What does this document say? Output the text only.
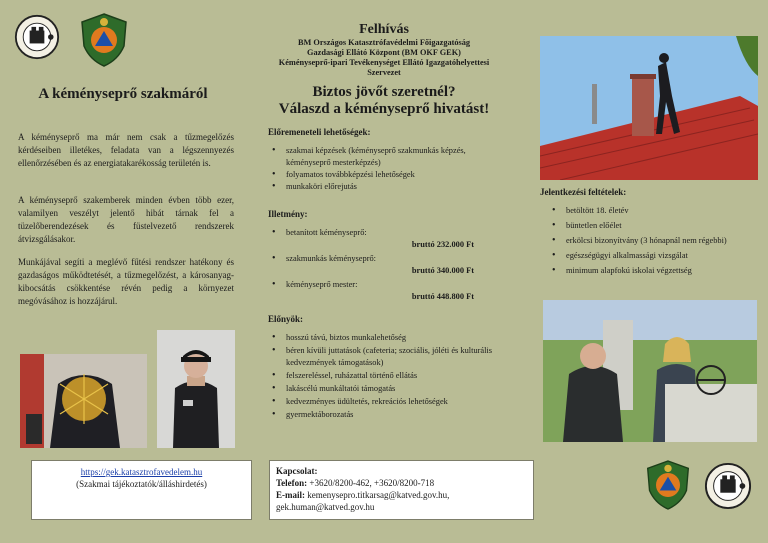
A kéményseprő szakmáról

A kéményseprő ma már nem csak a tűzmegelőzés kérdéseiben illetékes, feladata van a légszennyezés ellenőrzésében és az energiatakarékosság területén is.

A kéményseprő szakemberek minden évben több ezer, valamilyen veszélyt jelentő hibát tárnak fel a tüzelőberendezések és füstelvezető rendszerek átvizsgálásakor.

Munkájával segíti a meglévő fűtési rendszer hatékony és gazdaságos működtetését, a tűzmegelőzést, a károsanyag-kibocsátás csökkentése révén pedig a környezet megóvásához is hozzájárul.

Felhívás
BM Országos Katasztrófavédelmi Főigazgatóság
Gazdasági Ellátó Központ (BM OKF GEK)
Kéményseprő-ipari Tevékenységet Ellátó Igazgatóhelyettesi
Szervezet
Biztos jövőt szeretnél?
Válaszd a kéményseprő hivatást!
Előremeneteli lehetőségek:
• szakmai képzések (kéményseprő szakmunkás képzés, kéményseprő mesterképzés)
• folyamatos továbbképzési lehetőségek
• munkaköri előrejutás
Illetmény:
• betanított kéményseprő:
bruttó 232.000 Ft
• szakmunkás kéményseprő:
bruttó 340.000 Ft
• kéményseprő mester:
bruttó 448.800 Ft
Előnyök:
• hosszú távú, biztos munkalehetőség
• béren kívüli juttatások (cafeteria; szociális, jóléti és kulturális kedvezmények támogatások)
• felszereléssel, ruházattal történő ellátás
• lakáscélú munkáltatói támogatás
• kedvezményes üdültetés, rekreációs lehetőségek
• gyermektáborozatás
Jelentkezési feltételek:
• betöltött 18. életév
• büntetlen előélet
• erkölcsi bizonyítvány (3 hónapnál nem régebbi)
• egészségügyi alkalmassági vizsgálat
• minimum alapfokú iskolai végzettség
https://gek.katasztrofavedelem.hu
(Szakmai tájékoztatók/álláshirdetés)
Kapcsolat:
Telefon: +3620/8200-462, +3620/8200-718
E-mail: kemenysepro.titkarsag@katved.gov.hu,
gek.human@katved.gov.hu
